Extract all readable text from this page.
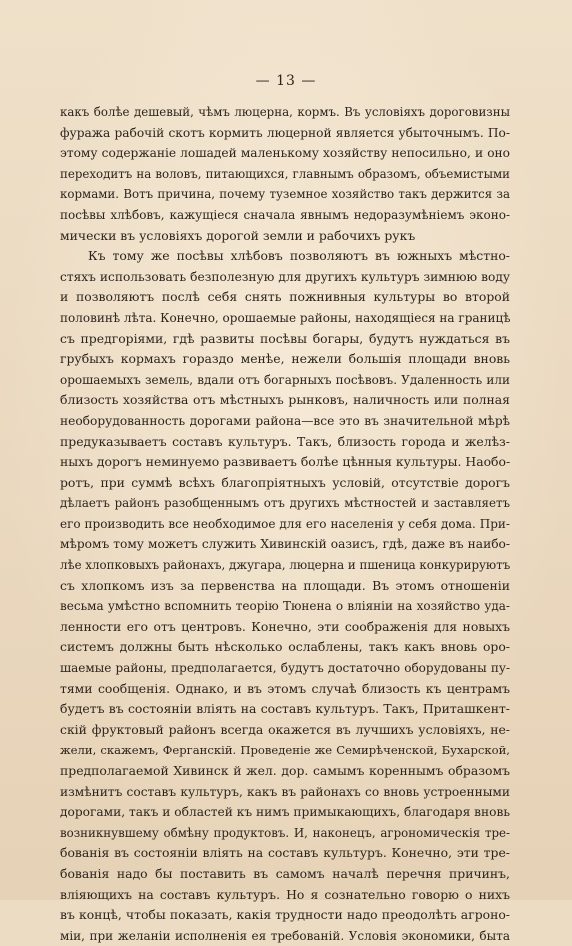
— 13 —
какъ болѣе дешевый, чѣмъ люцерна, кормъ. Въ условіяхъ дороговизны
фуража рабочій скотъ кормить люцерной является убыточнымъ. По-
этому содержаніе лошадей маленькому хозяйству непосильно, и оно
переходитъ на воловъ, питающихся, главнымъ образомъ, объемистыми
кормами. Вотъ причина, почему туземное хозяйство такъ держится за
посѣвы хлѣбовъ, кажущіеся сначала явнымъ недоразумѣніемъ эконо-
мически въ условіяхъ дорогой земли и рабочихъ рукъ
Къ тому же посѣвы хлѣбовъ позволяютъ въ южныхъ мѣстно-
стяхъ использовать безполезную для другихъ культуръ зимнюю воду
и позволяютъ послѣ себя снять пожнивныя культуры во второй
половинѣ лѣта. Конечно, орошаемые районы, находящіеся на границѣ
съ предгоріями, гдѣ развиты посѣвы богары, будутъ нуждаться въ
грубыхъ кормахъ гораздо менѣе, нежели большія площади вновь
орошаемыхъ земель, вдали отъ богарныхъ посѣвовъ. Удаленность или
близость хозяйства отъ мѣстныхъ рынковъ, наличность или полная
необорудованность дорогами района—все это въ значительной мѣрѣ
предуказываетъ составъ культуръ. Такъ, близость города и желѣз-
ныхъ дорогъ неминуемо развиваетъ болѣе цѣнныя культуры. Наобо-
ротъ, при суммѣ всѣхъ благопріятныхъ условій, отсутствіе дорогъ
дѣлаетъ районъ разобщеннымъ отъ другихъ мѣстностей и заставляетъ
его производить все необходимое для его населенія у себя дома. При-
мѣромъ тому можетъ служить Хивинскій оазисъ, гдѣ, даже въ наибо-
лѣе хлопковыхъ районахъ, джугара, люцерна и пшеница конкурируютъ
съ хлопкомъ изъ за первенства на площади. Въ этомъ отношеніи
весьма умѣстно вспомнить теорію Тюнена о вліяніи на хозяйство уда-
ленности его отъ центровъ. Конечно, эти соображенія для новыхъ
системъ должны быть нѣсколько ослаблены, такъ какъ вновь оро-
шаемые районы, предполагается, будутъ достаточно оборудованы пу-
тями сообщенія. Однако, и въ этомъ случаѣ близость къ центрамъ
будетъ въ состояніи вліять на составъ культуръ. Такъ, Приташкент-
скій фруктовый районъ всегда окажется въ лучшихъ условіяхъ, не-
жели, скажемъ, Ферганскій. Проведеніе же Семирѣченской, Бухарской,
предполагаемой Хивинск й жел. дор. самымъ кореннымъ образомъ
измѣнитъ составъ культуръ, какъ въ районахъ со вновь устроенными
дорогами, такъ и областей къ нимъ примыкающихъ, благодаря вновь
возникнувшему обмѣну продуктовъ. И, наконецъ, агрономическія тре-
бованія въ состояніи вліять на составъ культуръ. Конечно, эти тре-
бованія надо бы поставить въ самомъ началѣ перечня причинъ,
вліяющихъ на составъ культуръ. Но я сознательно говорю о нихъ
въ концѣ, чтобы показать, какія трудности надо преодолѣть агроно-
міи, при желаніи исполненія ея требованій. Условія экономики, быта
